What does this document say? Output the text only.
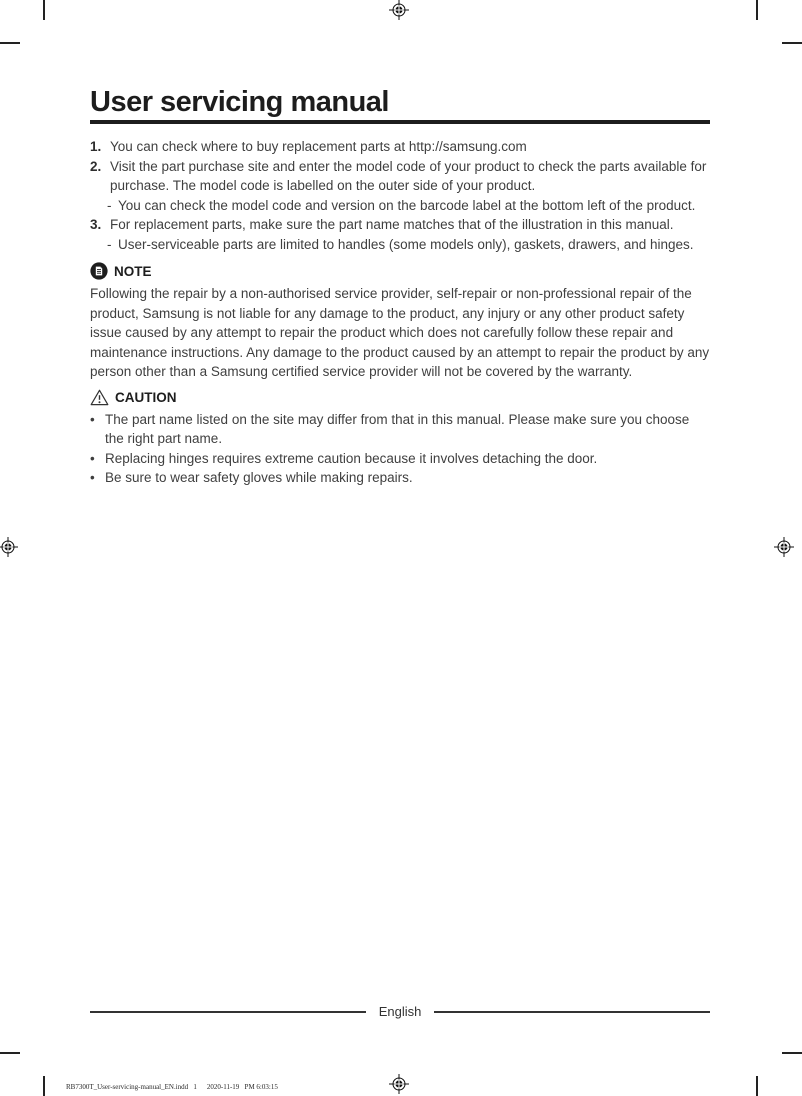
User servicing manual
1. You can check where to buy replacement parts at http://samsung.com
2. Visit the part purchase site and enter the model code of your product to check the parts available for purchase. The model code is labelled on the outer side of your product.
- You can check the model code and version on the barcode label at the bottom left of the product.
3. For replacement parts, make sure the part name matches that of the illustration in this manual.
- User-serviceable parts are limited to handles (some models only), gaskets, drawers, and hinges.
NOTE

Following the repair by a non-authorised service provider, self-repair or non-professional repair of the product, Samsung is not liable for any damage to the product, any injury or any other product safety issue caused by any attempt to repair the product which does not carefully follow these repair and maintenance instructions. Any damage to the product caused by an attempt to repair the product by any person other than a Samsung certified service provider will not be covered by the warranty.

CAUTION
• The part name listed on the site may differ from that in this manual. Please make sure you choose the right part name.
• Replacing hinges requires extreme caution because it involves detaching the door.
• Be sure to wear safety gloves while making repairs.
English

RB7300T_User-servicing-manual_EN.indd   1 2020-11-19   PM 6:03:15
